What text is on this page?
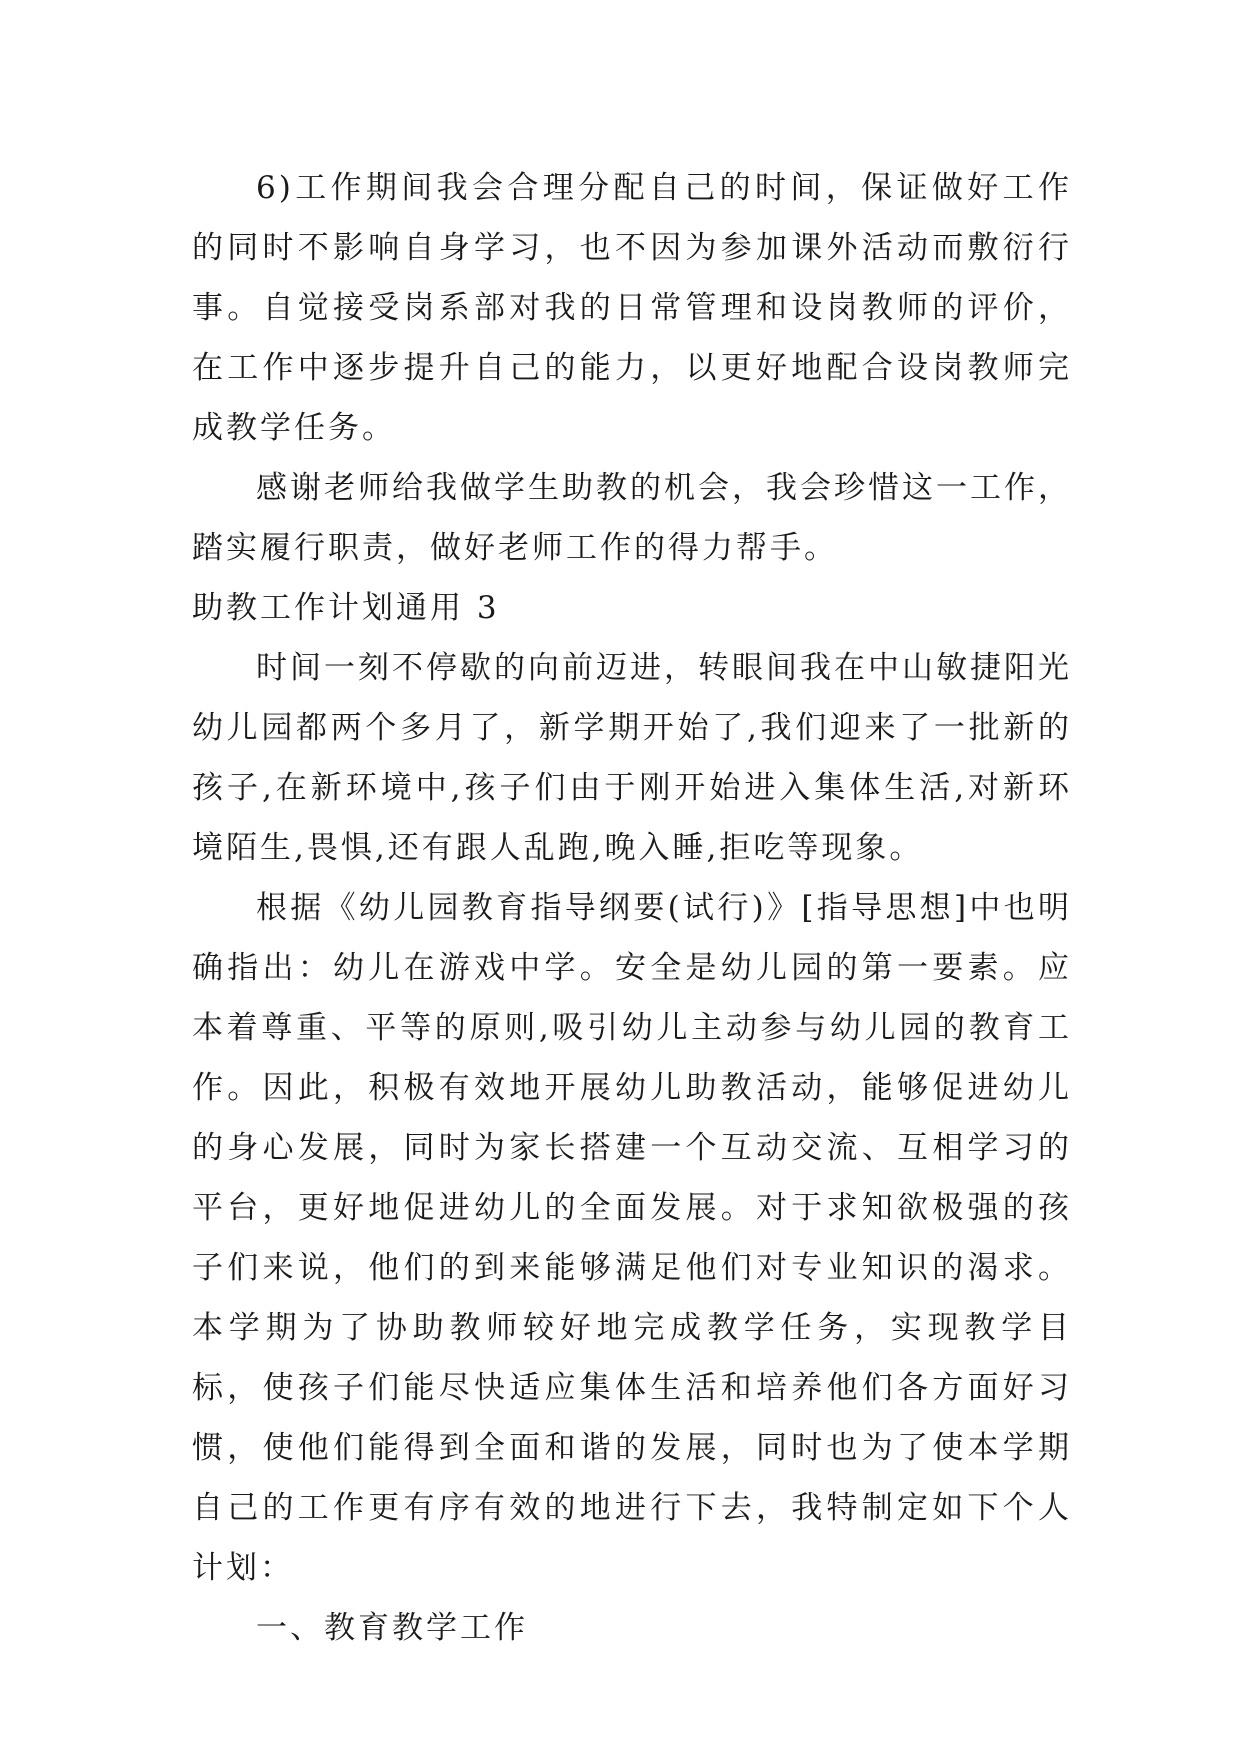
6)工作期间我会合理分配自己的时间，保证做好工作的同时不影响自身学习，也不因为参加课外活动而敷衍行事。自觉接受岗系部对我的日常管理和设岗教师的评价，在工作中逐步提升自己的能力，以更好地配合设岗教师完成教学任务。

感谢老师给我做学生助教的机会，我会珍惜这一工作，踏实履行职责，做好老师工作的得力帮手。

助教工作计划通用 3

时间一刻不停歇的向前迈进，转眼间我在中山敏捷阳光幼儿园都两个多月了，新学期开始了,我们迎来了一批新的孩子,在新环境中,孩子们由于刚开始进入集体生活,对新环境陌生,畏惧,还有跟人乱跑,晚入睡,拒吃等现象。

根据《幼儿园教育指导纲要(试行)》[指导思想]中也明确指出：幼儿在游戏中学。安全是幼儿园的第一要素。应本着尊重、平等的原则,吸引幼儿主动参与幼儿园的教育工作。因此，积极有效地开展幼儿助教活动，能够促进幼儿的身心发展，同时为家长搭建一个互动交流、互相学习的平台，更好地促进幼儿的全面发展。对于求知欲极强的孩子们来说，他们的到来能够满足他们对专业知识的渴求。本学期为了协助教师较好地完成教学任务，实现教学目标，使孩子们能尽快适应集体生活和培养他们各方面好习惯，使他们能得到全面和谐的发展，同时也为了使本学期自己的工作更有序有效的地进行下去，我特制定如下个人计划：

一、教育教学工作
